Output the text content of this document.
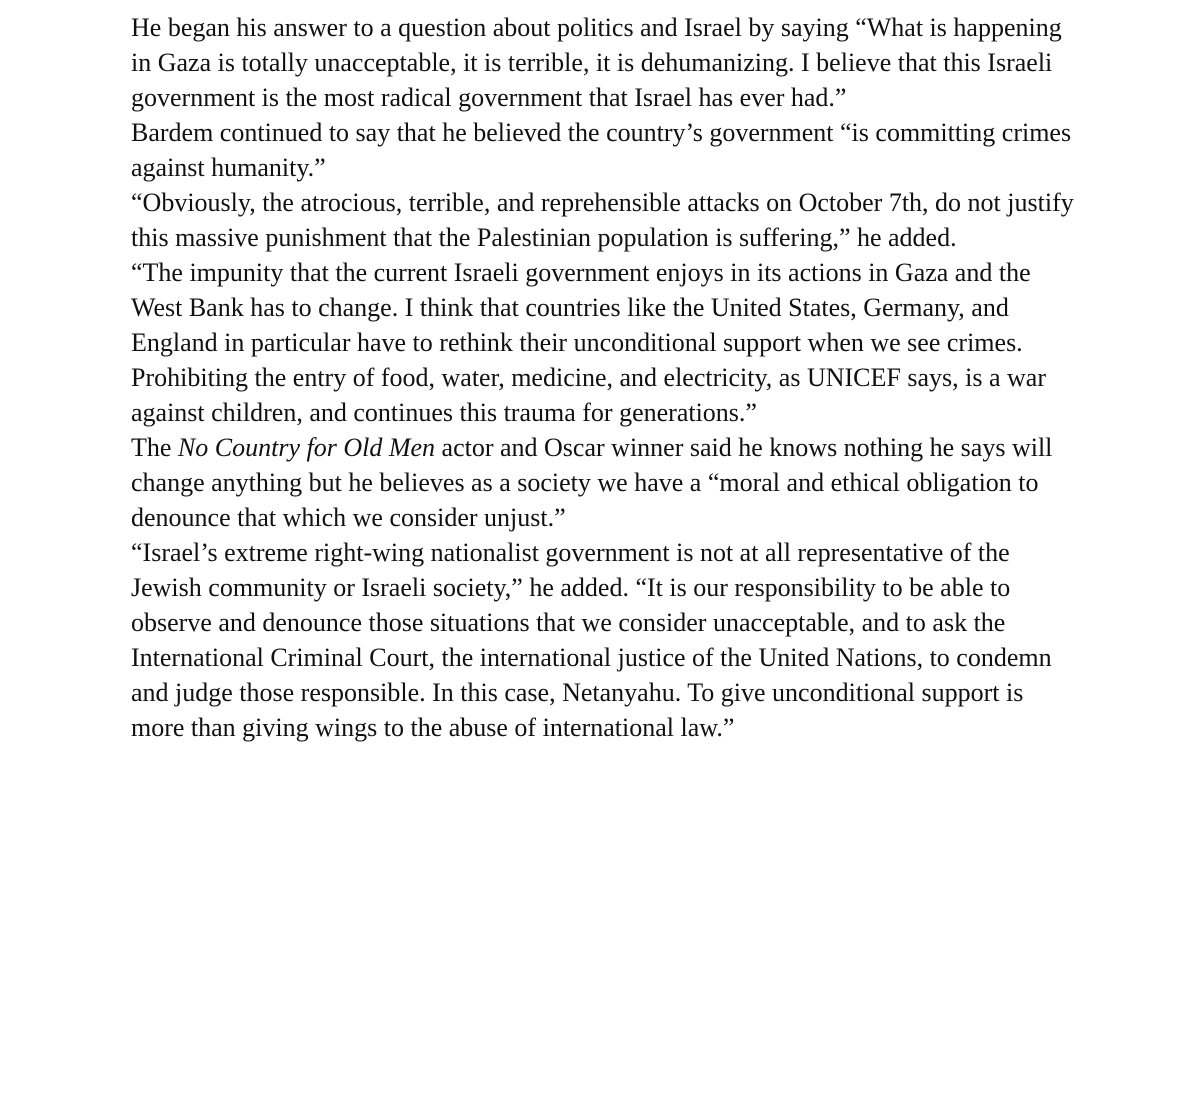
He began his answer to a question about politics and Israel by saying “What is happening in Gaza is totally unacceptable, it is terrible, it is dehumanizing. I believe that this Israeli government is the most radical government that Israel has ever had.”

Bardem continued to say that he believed the country’s government “is committing crimes against humanity.”

“Obviously, the atrocious, terrible, and reprehensible attacks on October 7th, do not justify this massive punishment that the Palestinian population is suffering,” he added.

“The impunity that the current Israeli government enjoys in its actions in Gaza and the West Bank has to change. I think that countries like the United States, Germany, and England in particular have to rethink their unconditional support when we see crimes. Prohibiting the entry of food, water, medicine, and electricity, as UNICEF says, is a war against children, and continues this trauma for generations.”

The No Country for Old Men actor and Oscar winner said he knows nothing he says will change anything but he believes as a society we have a “moral and ethical obligation to denounce that which we consider unjust.”

“Israel’s extreme right-wing nationalist government is not at all representative of the Jewish community or Israeli society,” he added. “It is our responsibility to be able to observe and denounce those situations that we consider unacceptable, and to ask the International Criminal Court, the international justice of the United Nations, to condemn and judge those responsible. In this case, Netanyahu. To give unconditional support is more than giving wings to the abuse of international law.”
